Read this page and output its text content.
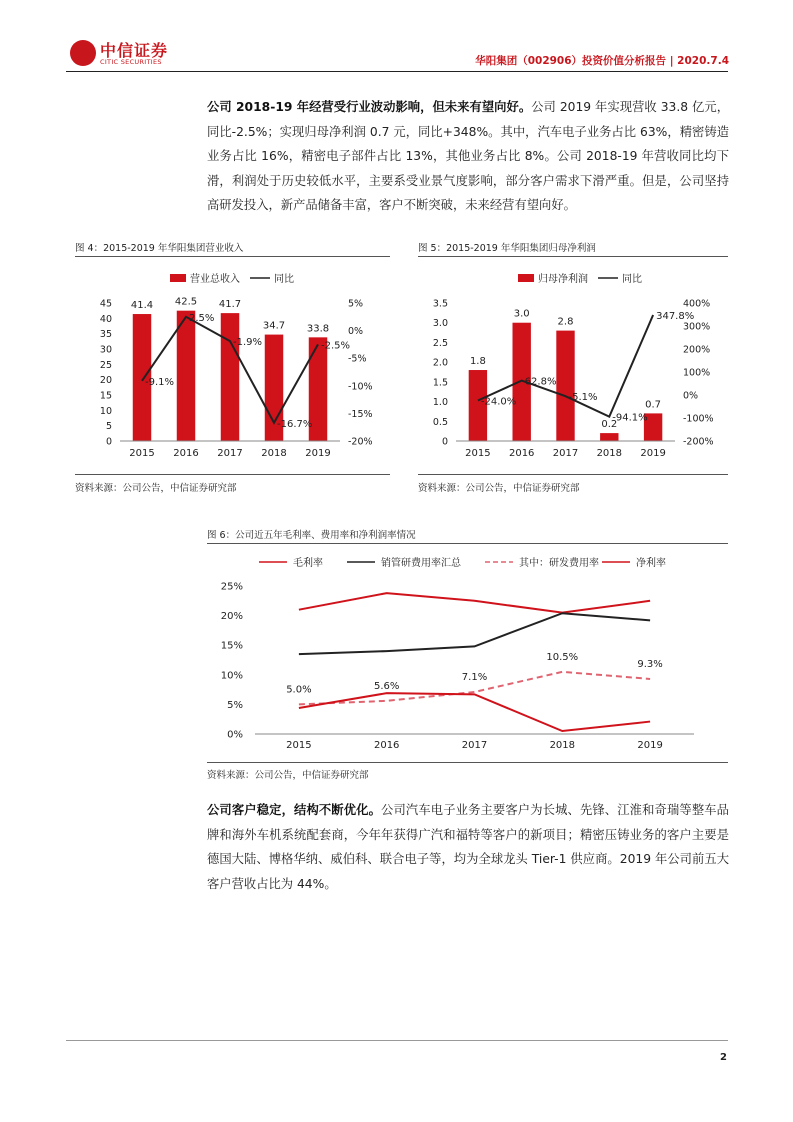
中信证券
CITIC SECURITIES	华阳集团（002906）投资价值分析报告 | 2020.7.4
公司 2018-19 年经营受行业波动影响，但未来有望向好。公司 2019 年实现营收 33.8 亿元，同比-2.5%；实现归母净利润 0.7 元，同比+348%。其中，汽车电子业务占比 63%，精密铸造业务占比 16%，精密电子部件占比 13%，其他业务占比 8%。公司 2018-19 年营收同比均下滑，利润处于历史较低水平，主要系受业景气度影响，部分客户需求下滑严重。但是，公司坚持高研发投入，新产品储备丰富，客户不断突破，未来经营有望向好。
图 4：2015-2019 年华阳集团营业收入
营业总收入	同比
0
5
10
15
20
25
30
35
40
45
-20%
-15%
-10%
-5%
0%
5%
41.4
2015
42.5
2016
41.7
2017
34.7
2018
33.8
2019
-9.1%
2.5%
-1.9%
-16.7%
-2.5%
资料来源：公司公告，中信证券研究部
图 5：2015-2019 年华阳集团归母净利润
归母净利润	同比
0
0.5
1.0
1.5
2.0
2.5
3.0
3.5
-200%
-100%
0%
100%
200%
300%
400%
1.8
2015
3.0
2016
2.8
2017
0.2
2018
0.7
2019
-24.0%
62.8%
-5.1%
-94.1%
347.8%
资料来源：公司公告，中信证券研究部
图 6：公司近五年毛利率、费用率和净利润率情况
毛利率	销管研费用率汇总	其中：研发费用率	净利率
0%
5%
10%
15%
20%
25%
2015	2016	2017	2018	2019
5.0%	5.6%
7.1%
10.5%
9.3%
资料来源：公司公告，中信证券研究部
公司客户稳定，结构不断优化。公司汽车电子业务主要客户为长城、先锋、江淮和奇瑞等整车品牌和海外车机系统配套商，今年年获得广汽和福特等客户的新项目；精密压铸业务的客户主要是德国大陆、博格华纳、威伯科、联合电子等，均为全球龙头 Tier-1 供应商。2019 年公司前五大客户营收占比为 44%。
2
